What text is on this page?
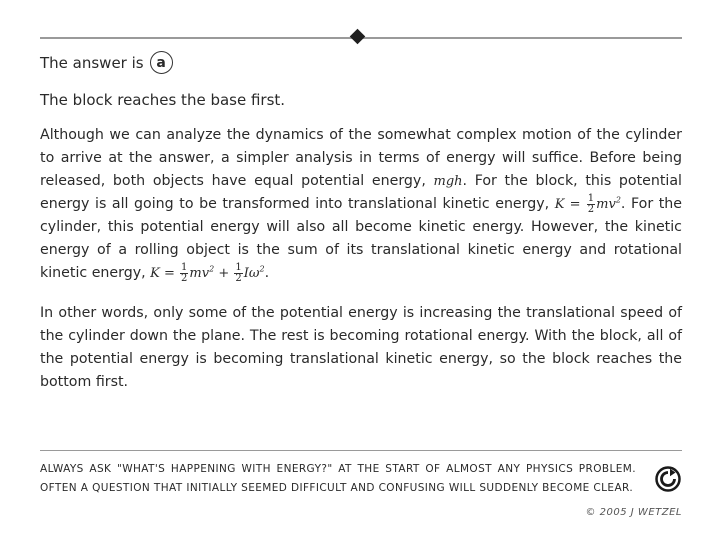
The answer is a
The block reaches the base first.
Although we can analyze the dynamics of the somewhat complex motion of the cylinder to arrive at the answer, a simpler analysis in terms of energy will suffice. Before being released, both objects have equal potential energy, mgh. For the block, this potential energy is all going to be transformed into translational kinetic energy, $K = \frac{1}{2} mv^2$. For the cylinder, this potential energy will also all become kinetic energy. However, the kinetic energy of a rolling object is the sum of its translational kinetic energy and rotational kinetic energy, $K = \frac{1}{2} mv^2 + \frac{1}{2} I\omega^2$.
In other words, only some of the potential energy is increasing the translational speed of the cylinder down the plane. The rest is becoming rotational energy. With the block, all of the potential energy is becoming translational kinetic energy, so the block reaches the bottom first.
ALWAYS ASK "WHAT'S HAPPENING WITH ENERGY?" AT THE START OF ALMOST ANY PHYSICS PROBLEM. OFTEN A QUESTION THAT INITIALLY SEEMED DIFFICULT AND CONFUSING WILL SUDDENLY BECOME CLEAR.
© 2005 J WETZEL
